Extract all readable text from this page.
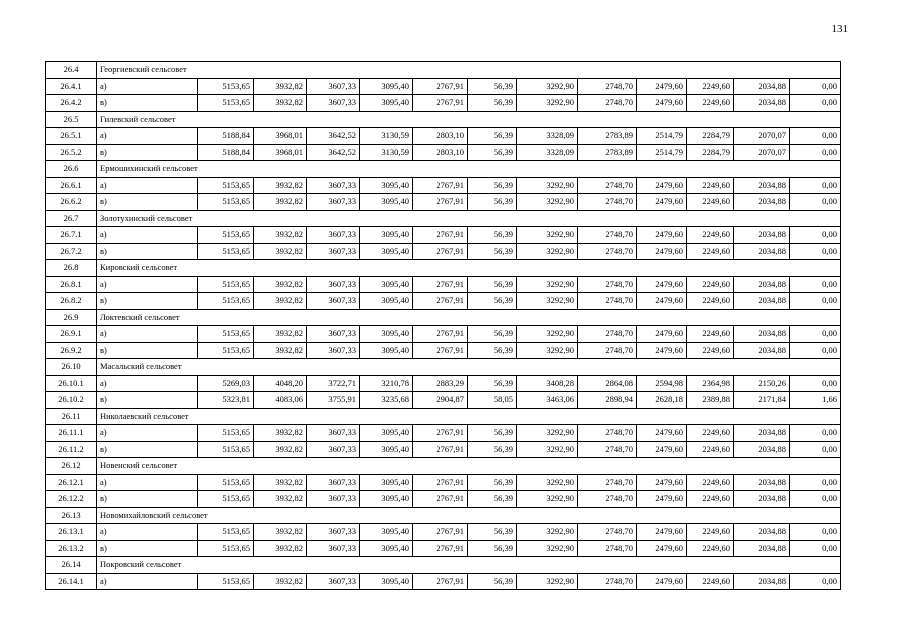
131
26.4	Георгиевский сельсовет												
26.4.1	а)	5153,65	3932,82	3607,33	3095,40	2767,91	56,39	3292,90	2748,70	2479,60	2249,60	2034,88	0,00
26.4.2	в)	5153,65	3932,82	3607,33	3095,40	2767,91	56,39	3292,90	2748,70	2479,60	2249,60	2034,88	0,00
26.5	Гилевский сельсовет												
26.5.1	а)	5188,84	3968,01	3642,52	3130,59	2803,10	56,39	3328,09	2783,89	2514,79	2284,79	2070,07	0,00
26.5.2	в)	5188,84	3968,01	3642,52	3130,59	2803,10	56,39	3328,09	2783,89	2514,79	2284,79	2070,07	0,00
26.6	Ермошихинский сельсовет												
26.6.1	а)	5153,65	3932,82	3607,33	3095,40	2767,91	56,39	3292,90	2748,70	2479,60	2249,60	2034,88	0,00
26.6.2	в)	5153,65	3932,82	3607,33	3095,40	2767,91	56,39	3292,90	2748,70	2479,60	2249,60	2034,88	0,00
26.7	Золотухинский сельсовет												
26.7.1	а)	5153,65	3932,82	3607,33	3095,40	2767,91	56,39	3292,90	2748,70	2479,60	2249,60	2034,88	0,00
26.7.2	в)	5153,65	3932,82	3607,33	3095,40	2767,91	56,39	3292,90	2748,70	2479,60	2249,60	2034,88	0,00
26.8	Кировский сельсовет												
26.8.1	а)	5153,65	3932,82	3607,33	3095,40	2767,91	56,39	3292,90	2748,70	2479,60	2249,60	2034,88	0,00
26.8.2	в)	5153,65	3932,82	3607,33	3095,40	2767,91	56,39	3292,90	2748,70	2479,60	2249,60	2034,88	0,00
26.9	Локтевский сельсовет												
26.9.1	а)	5153,65	3932,82	3607,33	3095,40	2767,91	56,39	3292,90	2748,70	2479,60	2249,60	2034,88	0,00
26.9.2	в)	5153,65	3932,82	3607,33	3095,40	2767,91	56,39	3292,90	2748,70	2479,60	2249,60	2034,88	0,00
26.10	Масальский сельсовет												
26.10.1	а)	5269,03	4048,20	3722,71	3210,78	2883,29	56,39	3408,28	2864,08	2594,98	2364,98	2150,26	0,00
26.10.2	в)	5323,81	4083,06	3755,91	3235,68	2904,87	58,05	3463,06	2898,94	2628,18	2389,88	2171,84	1,66
26.11	Николаевский сельсовет												
26.11.1	а)	5153,65	3932,82	3607,33	3095,40	2767,91	56,39	3292,90	2748,70	2479,60	2249,60	2034,88	0,00
26.11.2	в)	5153,65	3932,82	3607,33	3095,40	2767,91	56,39	3292,90	2748,70	2479,60	2249,60	2034,88	0,00
26.12	Новенский сельсовет												
26.12.1	а)	5153,65	3932,82	3607,33	3095,40	2767,91	56,39	3292,90	2748,70	2479,60	2249,60	2034,88	0,00
26.12.2	в)	5153,65	3932,82	3607,33	3095,40	2767,91	56,39	3292,90	2748,70	2479,60	2249,60	2034,88	0,00
26.13	Новомихайловский сельсовет												
26.13.1	а)	5153,65	3932,82	3607,33	3095,40	2767,91	56,39	3292,90	2748,70	2479,60	2249,60	2034,88	0,00
26.13.2	в)	5153,65	3932,82	3607,33	3095,40	2767,91	56,39	3292,90	2748,70	2479,60	2249,60	2034,88	0,00
26.14	Покровский сельсовет												
26.14.1	а)	5153,65	3932,82	3607,33	3095,40	2767,91	56,39	3292,90	2748,70	2479,60	2249,60	2034,88	0,00
